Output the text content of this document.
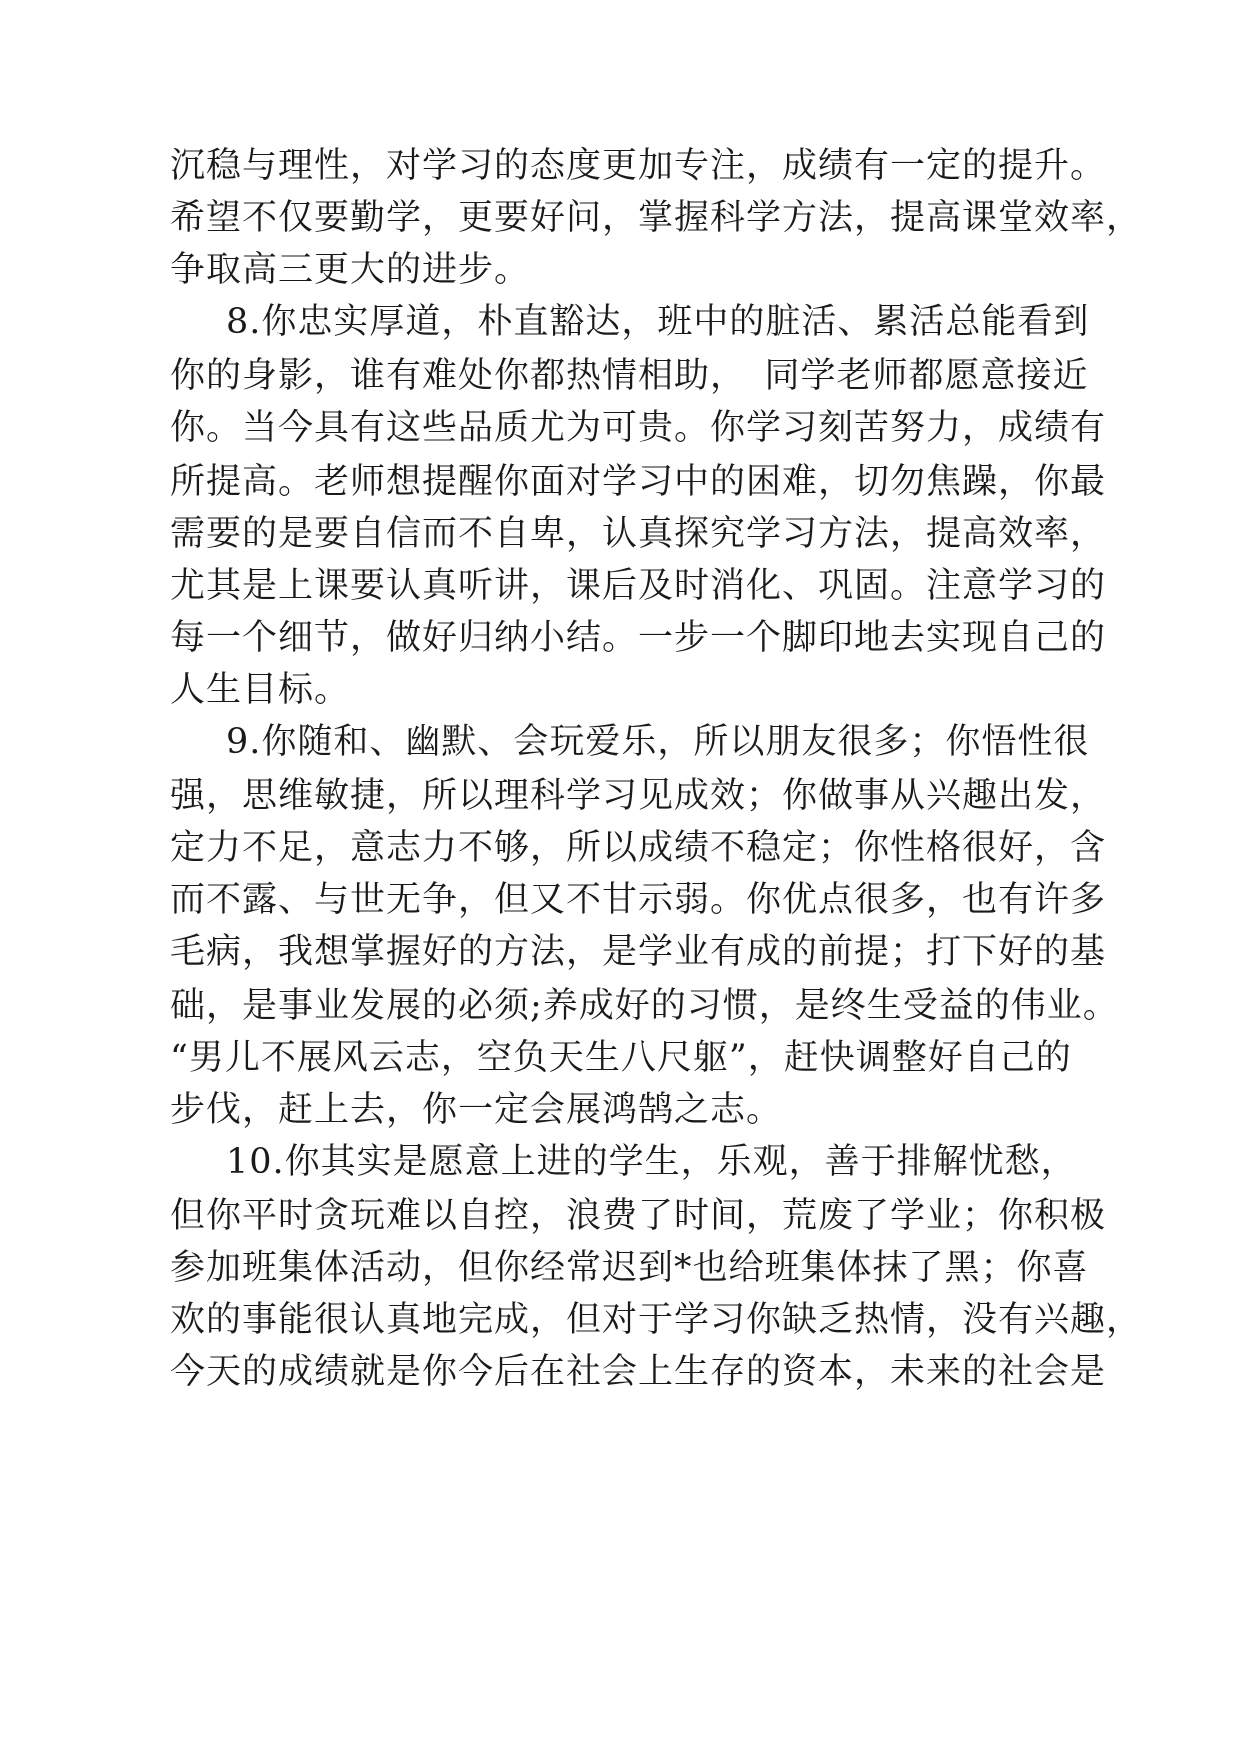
沉稳与理性，对学习的态度更加专注，成绩有一定的提升。
希望不仅要勤学，更要好问，掌握科学方法，提高课堂效率，
争取高三更大的进步。
8.你忠实厚道，朴直豁达，班中的脏活、累活总能看到
你的身影，谁有难处你都热情相助，　同学老师都愿意接近
你。当今具有这些品质尤为可贵。你学习刻苦努力，成绩有
所提高。老师想提醒你面对学习中的困难，切勿焦躁，你最
需要的是要自信而不自卑，认真探究学习方法，提高效率，
尤其是上课要认真听讲，课后及时消化、巩固。注意学习的
每一个细节，做好归纳小结。一步一个脚印地去实现自己的
人生目标。
9.你随和、幽默、会玩爱乐，所以朋友很多；你悟性很
强，思维敏捷，所以理科学习见成效；你做事从兴趣出发，
定力不足，意志力不够，所以成绩不稳定；你性格很好，含
而不露、与世无争，但又不甘示弱。你优点很多，也有许多
毛病，我想掌握好的方法，是学业有成的前提；打下好的基
础，是事业发展的必须;养成好的习惯，是终生受益的伟业。
“男儿不展风云志，空负天生八尺躯”，赶快调整好自己的
步伐，赶上去，你一定会展鸿鹄之志。
10.你其实是愿意上进的学生，乐观，善于排解忧愁，
但你平时贪玩难以自控，浪费了时间，荒废了学业；你积极
参加班集体活动，但你经常迟到*也给班集体抹了黑；你喜
欢的事能很认真地完成，但对于学习你缺乏热情，没有兴趣，
今天的成绩就是你今后在社会上生存的资本，未来的社会是
